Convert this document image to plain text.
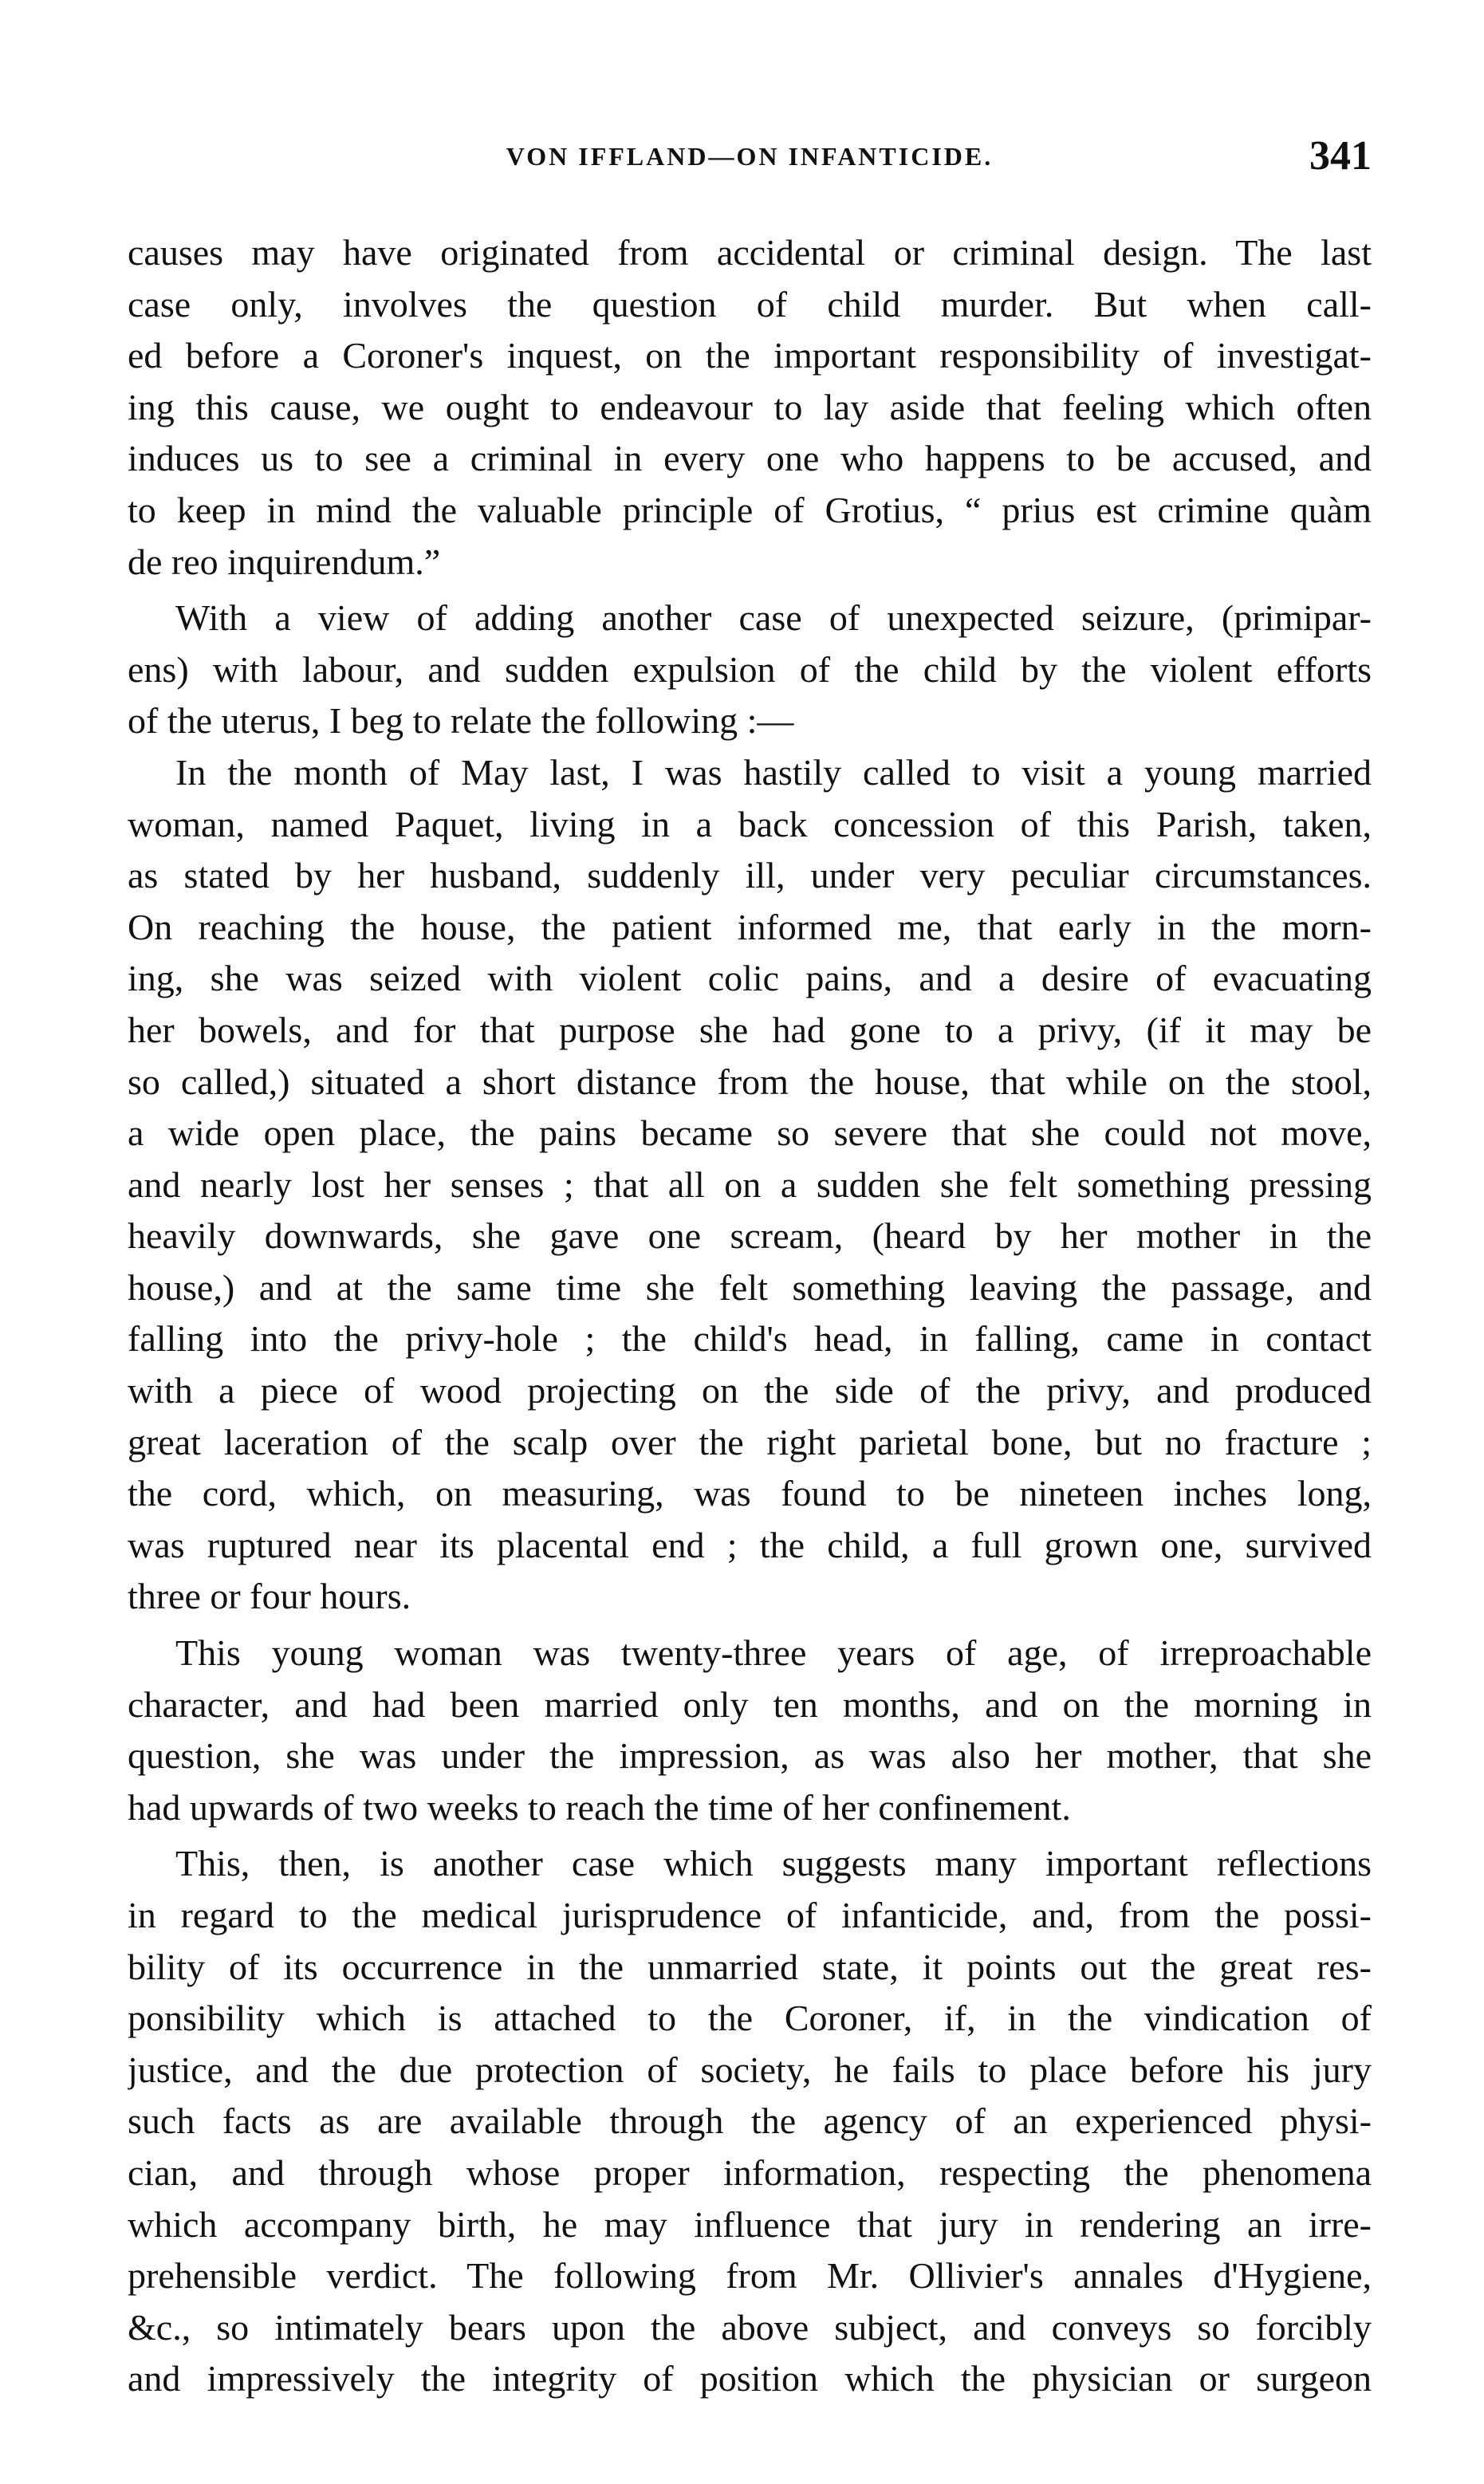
VON IFFLAND—ON INFANTICIDE.	341
causes may have originated from accidental or criminal design. The last
case only, involves the question of child murder. But when call-
ed before a Coroner's inquest, on the important responsibility of investigat-
ing this cause, we ought to endeavour to lay aside that feeling which often
induces us to see a criminal in every one who happens to be accused, and
to keep in mind the valuable principle of Grotius, “ prius est crimine quàm
de reo inquirendum.”
With a view of adding another case of unexpected seizure, (primipar-
ens) with labour, and sudden expulsion of the child by the violent efforts
of the uterus, I beg to relate the following :—
In the month of May last, I was hastily called to visit a young married
woman, named Paquet, living in a back concession of this Parish, taken,
as stated by her husband, suddenly ill, under very peculiar circumstances.
On reaching the house, the patient informed me, that early in the morn-
ing, she was seized with violent colic pains, and a desire of evacuating
her bowels, and for that purpose she had gone to a privy, (if it may be
so called,) situated a short distance from the house, that while on the stool,
a wide open place, the pains became so severe that she could not move,
and nearly lost her senses ; that all on a sudden she felt something pressing
heavily downwards, she gave one scream, (heard by her mother in the
house,) and at the same time she felt something leaving the passage, and
falling into the privy-hole ; the child's head, in falling, came in contact
with a piece of wood projecting on the side of the privy, and produced
great laceration of the scalp over the right parietal bone, but no fracture ;
the cord, which, on measuring, was found to be nineteen inches long,
was ruptured near its placental end ; the child, a full grown one, survived
three or four hours.
This young woman was twenty-three years of age, of irreproachable
character, and had been married only ten months, and on the morning in
question, she was under the impression, as was also her mother, that she
had upwards of two weeks to reach the time of her confinement.
This, then, is another case which suggests many important reflections
in regard to the medical jurisprudence of infanticide, and, from the possi-
bility of its occurrence in the unmarried state, it points out the great res-
ponsibility which is attached to the Coroner, if, in the vindication of
justice, and the due protection of society, he fails to place before his jury
such facts as are available through the agency of an experienced physi-
cian, and through whose proper information, respecting the phenomena
which accompany birth, he may influence that jury in rendering an irre-
prehensible verdict. The following from Mr. Ollivier's annales d'Hygiene,
&c., so intimately bears upon the above subject, and conveys so forcibly
and impressively the integrity of position which the physician or surgeon
